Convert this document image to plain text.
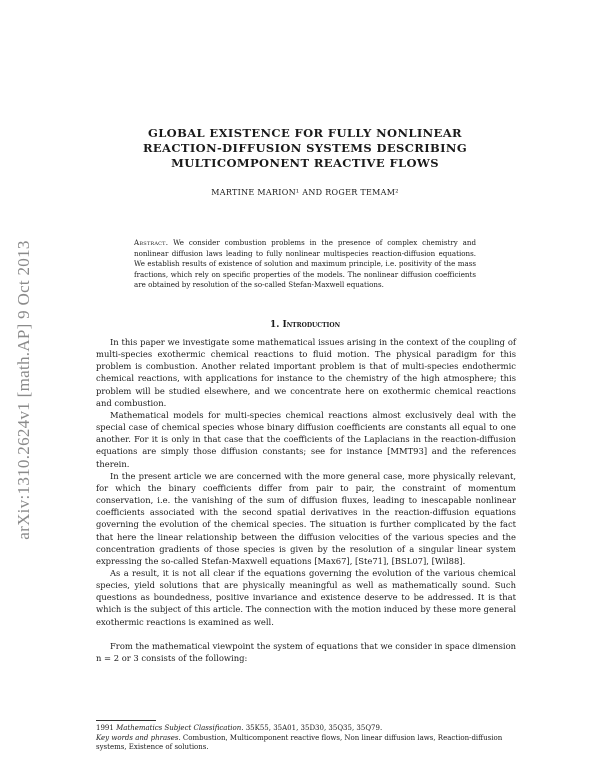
arXiv:1310.2624v1 [math.AP] 9 Oct 2013
GLOBAL EXISTENCE FOR FULLY NONLINEAR
REACTION-DIFFUSION SYSTEMS DESCRIBING
MULTICOMPONENT REACTIVE FLOWS
MARTINE MARION¹ AND ROGER TEMAM²

Abstract. We consider combustion problems in the presence of complex chemistry and nonlinear diffusion laws leading to fully nonlinear multispecies reaction-diffusion equations. We establish results of existence of solution and maximum principle, i.e. positivity of the mass fractions, which rely on specific properties of the models. The nonlinear diffusion coefficients are obtained by resolution of the so-called Stefan-Maxwell equations.

1. Introduction

In this paper we investigate some mathematical issues arising in the context of the coupling of multi-species exothermic chemical reactions to fluid motion. The physical paradigm for this problem is combustion. Another related important problem is that of multi-species endothermic chemical reactions, with applications for instance to the chemistry of the high atmosphere; this problem will be studied elsewhere, and we concentrate here on exothermic chemical reactions and combustion.

Mathematical models for multi-species chemical reactions almost exclusively deal with the special case of chemical species whose binary diffusion coefficients are constants all equal to one another. For it is only in that case that the coefficients of the Laplacians in the reaction-diffusion equations are simply those diffusion constants; see for instance [MMT93] and the references therein.

In the present article we are concerned with the more general case, more physically relevant, for which the binary coefficients differ from pair to pair, the constraint of momentum conservation, i.e. the vanishing of the sum of diffusion fluxes, leading to inescapable nonlinear coefficients associated with the second spatial derivatives in the reaction-diffusion equations governing the evolution of the chemical species. The situation is further complicated by the fact that here the linear relationship between the diffusion velocities of the various species and the concentration gradients of those species is given by the resolution of a singular linear system expressing the so-called Stefan-Maxwell equations [Max67], [Ste71], [BSL07], [Wil88].

As a result, it is not all clear if the equations governing the evolution of the various chemical species, yield solutions that are physically meaningful as well as mathematically sound. Such questions as boundedness, positive invariance and existence deserve to be addressed. It is that which is the subject of this article. The connection with the motion induced by these more general exothermic reactions is examined as well.

From the mathematical viewpoint the system of equations that we consider in space dimension n = 2 or 3 consists of the following:

1991 Mathematics Subject Classification. 35K55, 35A01, 35D30, 35Q35, 35Q79.
Key words and phrases. Combustion, Multicomponent reactive flows, Non linear diffusion laws, Reaction-diffusion systems, Existence of solutions.
